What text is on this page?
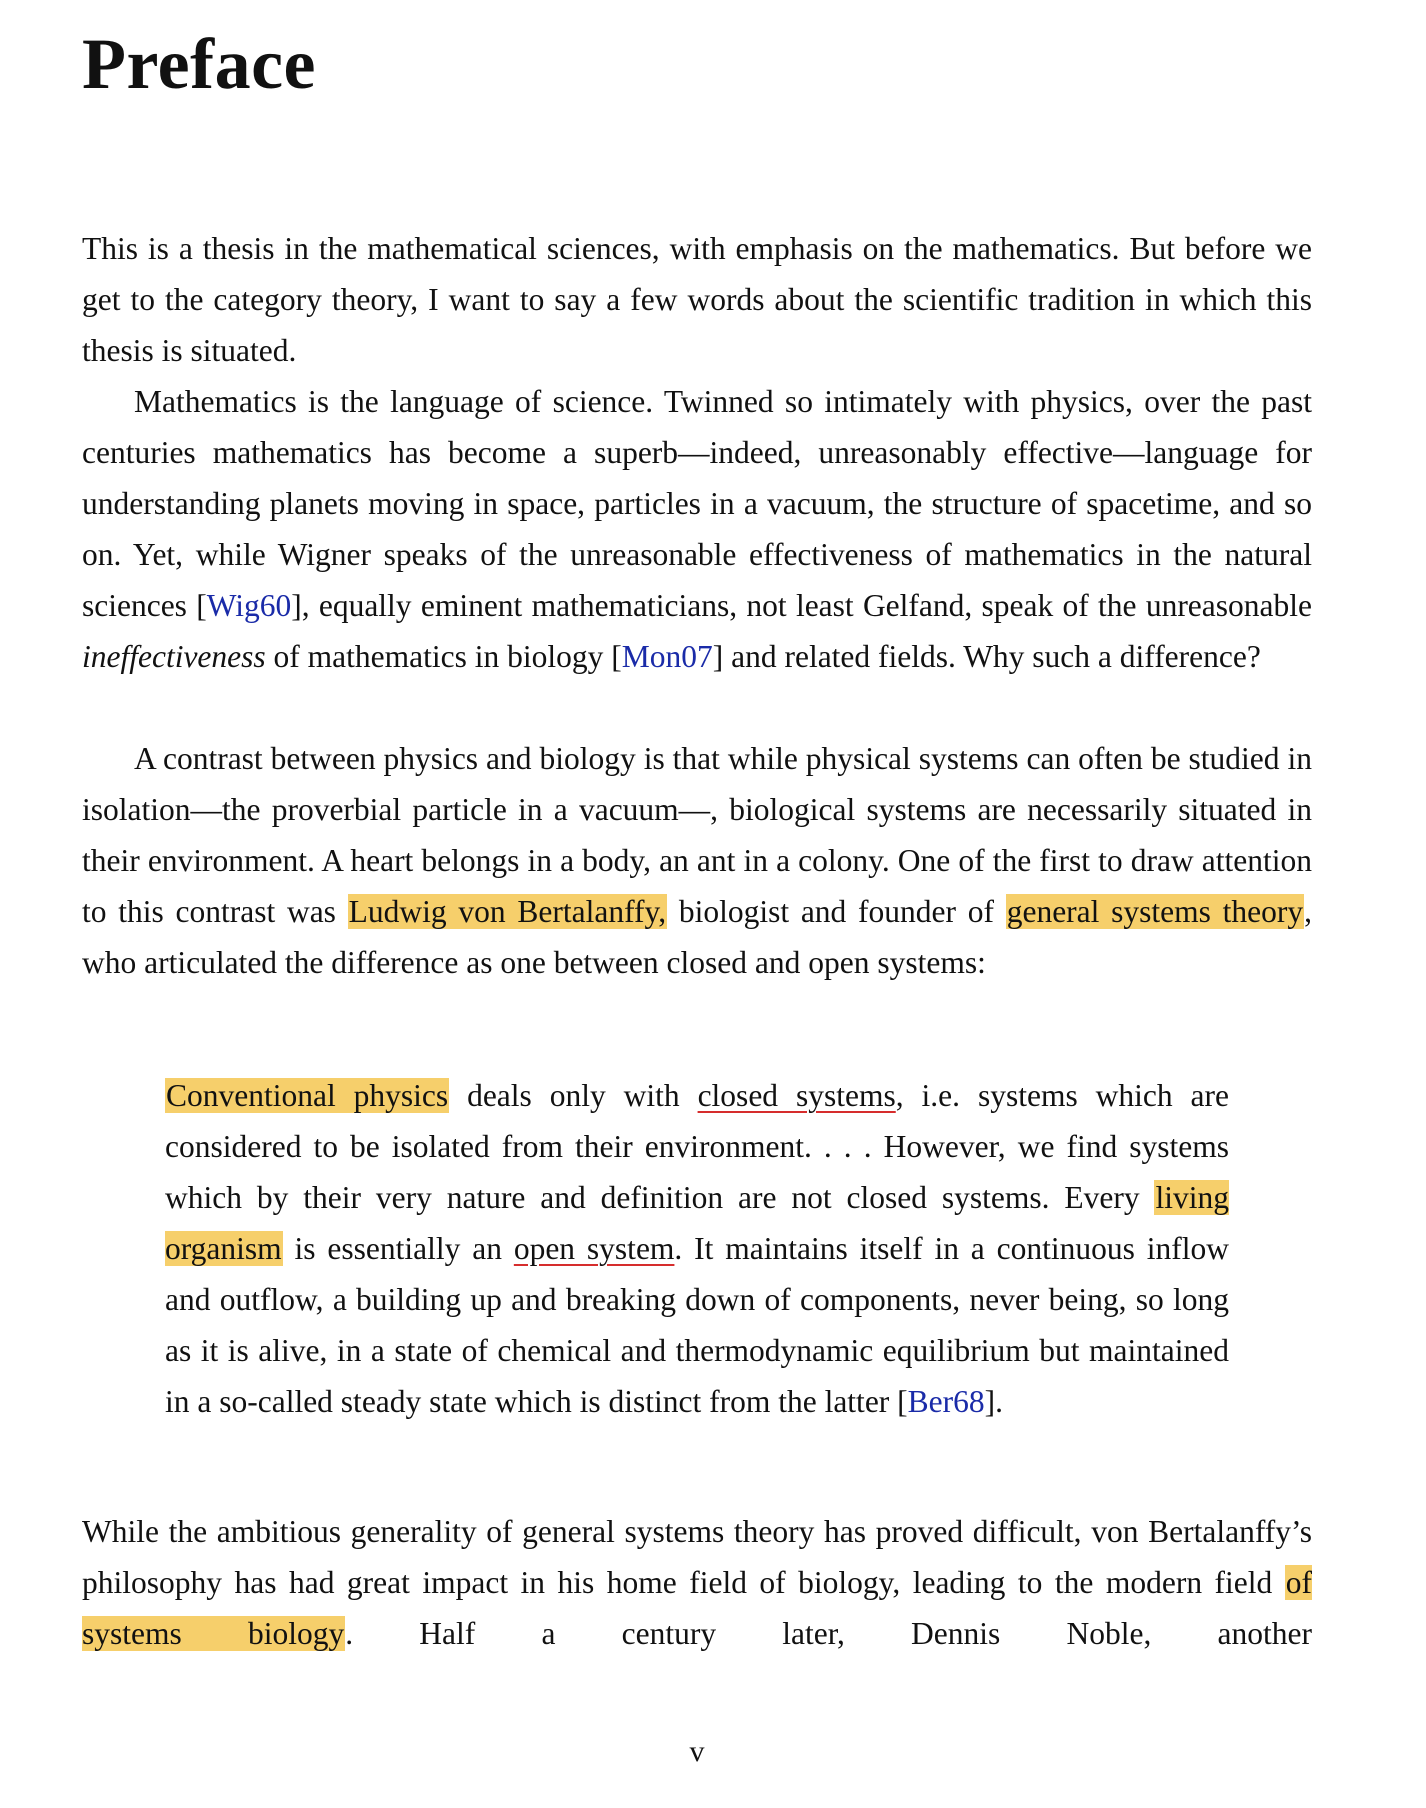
Preface

This is a thesis in the mathematical sciences, with emphasis on the mathematics. But before we get to the category theory, I want to say a few words about the scientific tradition in which this thesis is situated.

Mathematics is the language of science. Twinned so intimately with physics, over the past centuries mathematics has become a superb—indeed, unreasonably effective—language for understanding planets moving in space, particles in a vacuum, the structure of spacetime, and so on. Yet, while Wigner speaks of the unreasonable effectiveness of mathematics in the natural sciences [Wig60], equally eminent mathematicians, not least Gelfand, speak of the unreasonable ineffectiveness of mathematics in biology [Mon07] and related fields. Why such a difference?

A contrast between physics and biology is that while physical systems can often be studied in isolation—the proverbial particle in a vacuum—, biological systems are necessarily situated in their environment. A heart belongs in a body, an ant in a colony. One of the first to draw attention to this contrast was Ludwig von Bertalanffy, biologist and founder of general systems theory, who articulated the difference as one between closed and open systems:

Conventional physics deals only with closed systems, i.e. systems which are considered to be isolated from their environment. . . . However, we find systems which by their very nature and definition are not closed systems. Every living organism is essentially an open system. It maintains itself in a continuous inflow and outflow, a building up and breaking down of components, never being, so long as it is alive, in a state of chemical and thermodynamic equilibrium but maintained in a so-called steady state which is distinct from the latter [Ber68].

While the ambitious generality of general systems theory has proved difficult, von Bertalanffy’s philosophy has had great impact in his home field of biology, leading to the modern field of systems biology. Half a century later, Dennis Noble, another

v
